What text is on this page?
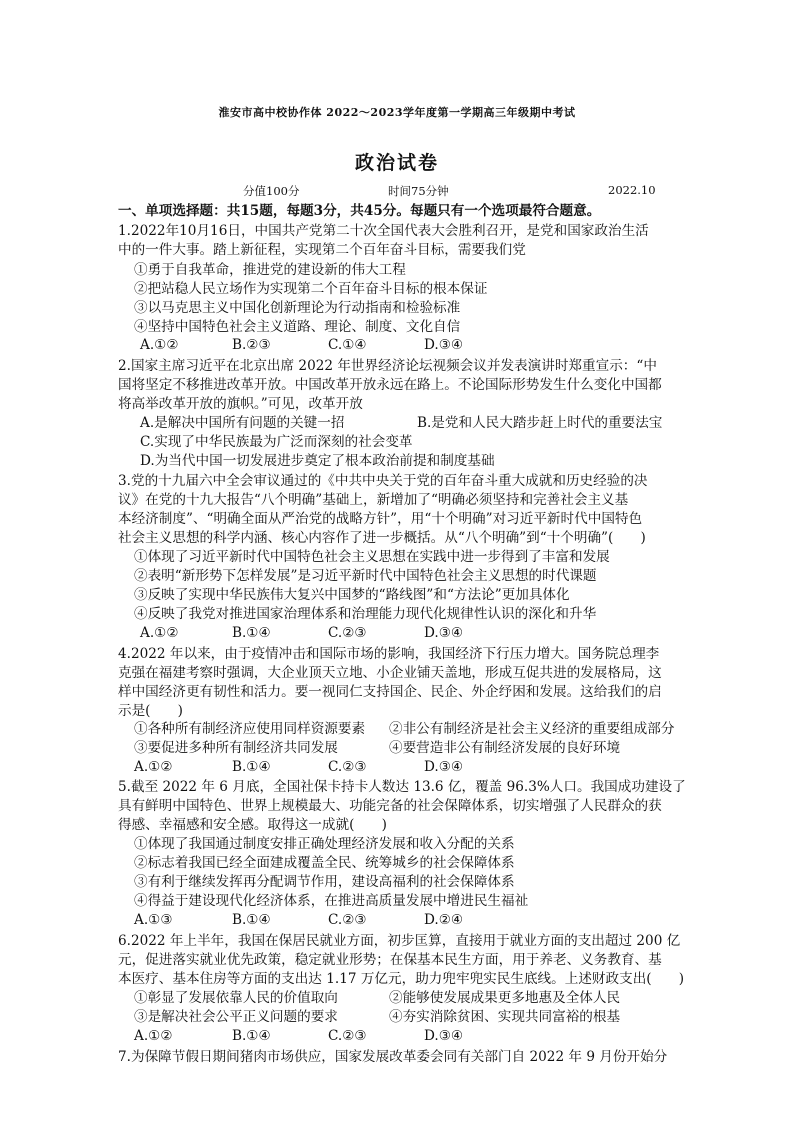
淮安市高中校协作体 2022～2023学年度第一学期高三年级期中考试
政治试卷
分值100分	时间75分钟	2022.10
一、单项选择题：共15题，每题3分，共45分。每题只有一个选项最符合题意。
1.2022年10月16日，中国共产党第二十次全国代表大会胜利召开，是党和国家政治生活
中的一件大事。踏上新征程，实现第二个百年奋斗目标，需要我们党
①勇于自我革命，推进党的建设新的伟大工程
②把站稳人民立场作为实现第二个百年奋斗目标的根本保证
③以马克思主义中国化创新理论为行动指南和检验标准
④坚持中国特色社会主义道路、理论、制度、文化自信
A.①②	B.②③	C.①④	D.③④
2.国家主席习近平在北京出席 2022 年世界经济论坛视频会议并发表演讲时郑重宣示：“中
国将坚定不移推进改革开放。中国改革开放永远在路上。不论国际形势发生什么变化中国都
将高举改革开放的旗帜。”可见，改革开放
A.是解决中国所有问题的关键一招	B.是党和人民大踏步赶上时代的重要法宝
C.实现了中华民族最为广泛而深刻的社会变革
D.为当代中国一切发展进步奠定了根本政治前提和制度基础
3.党的十九届六中全会审议通过的《中共中央关于党的百年奋斗重大成就和历史经验的决
议》在党的十九大报告“八个明确”基础上，新增加了“明确必须坚持和完善社会主义基
本经济制度”、“明确全面从严治党的战略方针”，用“十个明确”对习近平新时代中国特色
社会主义思想的科学内涵、核心内容作了进一步概括。从“八个明确”到“十个明确”(　　)
①体现了习近平新时代中国特色社会主义思想在实践中进一步得到了丰富和发展
②表明“新形势下怎样发展”是习近平新时代中国特色社会主义思想的时代课题
③反映了实现中华民族伟大复兴中国梦的“路线图”和“方法论”更加具体化
④反映了我党对推进国家治理体系和治理能力现代化规律性认识的深化和升华
A.①②	B.①④	C.②③	D.③④
4.2022 年以来，由于疫情冲击和国际市场的影响，我国经济下行压力增大。国务院总理李
克强在福建考察时强调，大企业顶天立地、小企业铺天盖地，形成互促共进的发展格局，这
样中国经济更有韧性和活力。要一视同仁支持国企、民企、外企纾困和发展。这给我们的启
示是(　　)
①各种所有制经济应使用同样资源要素 ②非公有制经济是社会主义经济的重要组成部分
③要促进多种所有制经济共同发展	④要营造非公有制经济发展的良好环境
A.①②	B.①④	C.②③	D.③④
5.截至 2022 年 6 月底，全国社保卡持卡人数达 13.6 亿，覆盖 96.3%人口。我国成功建设了
具有鲜明中国特色、世界上规模最大、功能完备的社会保障体系，切实增强了人民群众的获
得感、幸福感和安全感。取得这一成就(　　)
①体现了我国通过制度安排正确处理经济发展和收入分配的关系
②标志着我国已经全面建成覆盖全民、统筹城乡的社会保障体系
③有利于继续发挥再分配调节作用，建设高福利的社会保障体系
④得益于建设现代化经济体系，在推进高质量发展中增进民生福祉
A.①③	B.①④	C.②③	D.②④
6.2022 年上半年，我国在保居民就业方面，初步匡算，直接用于就业方面的支出超过 200 亿
元，促进落实就业优先政策，稳定就业形势；在保基本民生方面，用于养老、义务教育、基
本医疗、基本住房等方面的支出达 1.17 万亿元，助力兜牢兜实民生底线。上述财政支出(　　)
①彰显了发展依靠人民的价值取向	②能够使发展成果更多地惠及全体人民
③是解决社会公平正义问题的要求	④夯实消除贫困、实现共同富裕的根基
A.①②	B.①④	C.②③	D.③④
7.为保障节假日期间猪肉市场供应，国家发展改革委会同有关部门自 2022 年 9 月份开始分
